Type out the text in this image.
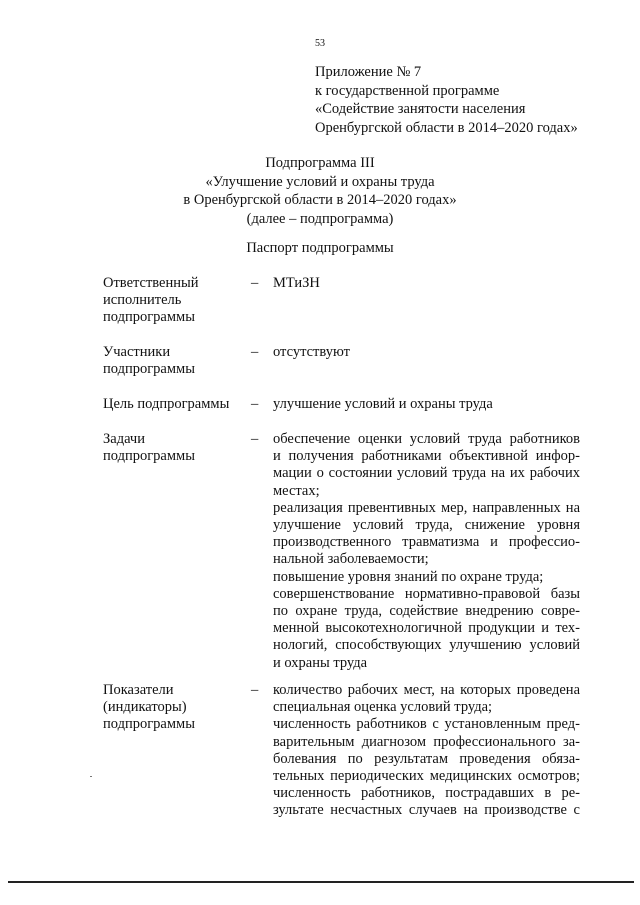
53
Приложение № 7
к государственной программе
«Содействие занятости населения
Оренбургской области в 2014–2020 годах»
Подпрограмма III
«Улучшение условий и охраны труда
в Оренбургской области в 2014–2020 годах»
(далее – подпрограмма)
Паспорт подпрограммы
Ответственный
исполнитель
подпрограммы
– МТиЗН
Участники
подпрограммы
– отсутствуют
Цель подпрограммы	– улучшение условий и охраны труда
Задачи
подпрограммы
– обеспечение оценки условий труда работников
и получения работниками объективной инфор-
мации о состоянии условий труда на их рабочих
местах;
реализация превентивных мер, направленных на
улучшение условий труда, снижение уровня
производственного травматизма и профессио-
нальной заболеваемости;
повышение уровня знаний по охране труда;
совершенствование нормативно-правовой базы
по охране труда, содействие внедрению совре-
менной высокотехнологичной продукции и тех-
нологий, способствующих улучшению условий
и охраны труда
Показатели
(индикаторы)
подпрограммы
– количество рабочих мест, на которых проведена
специальная оценка условий труда;
численность работников с установленным пред-
варительным диагнозом профессионального за-
болевания по результатам проведения обяза-
тельных периодических медицинских осмотров;
численность работников, пострадавших в ре-
зультате несчастных случаев на производстве с
